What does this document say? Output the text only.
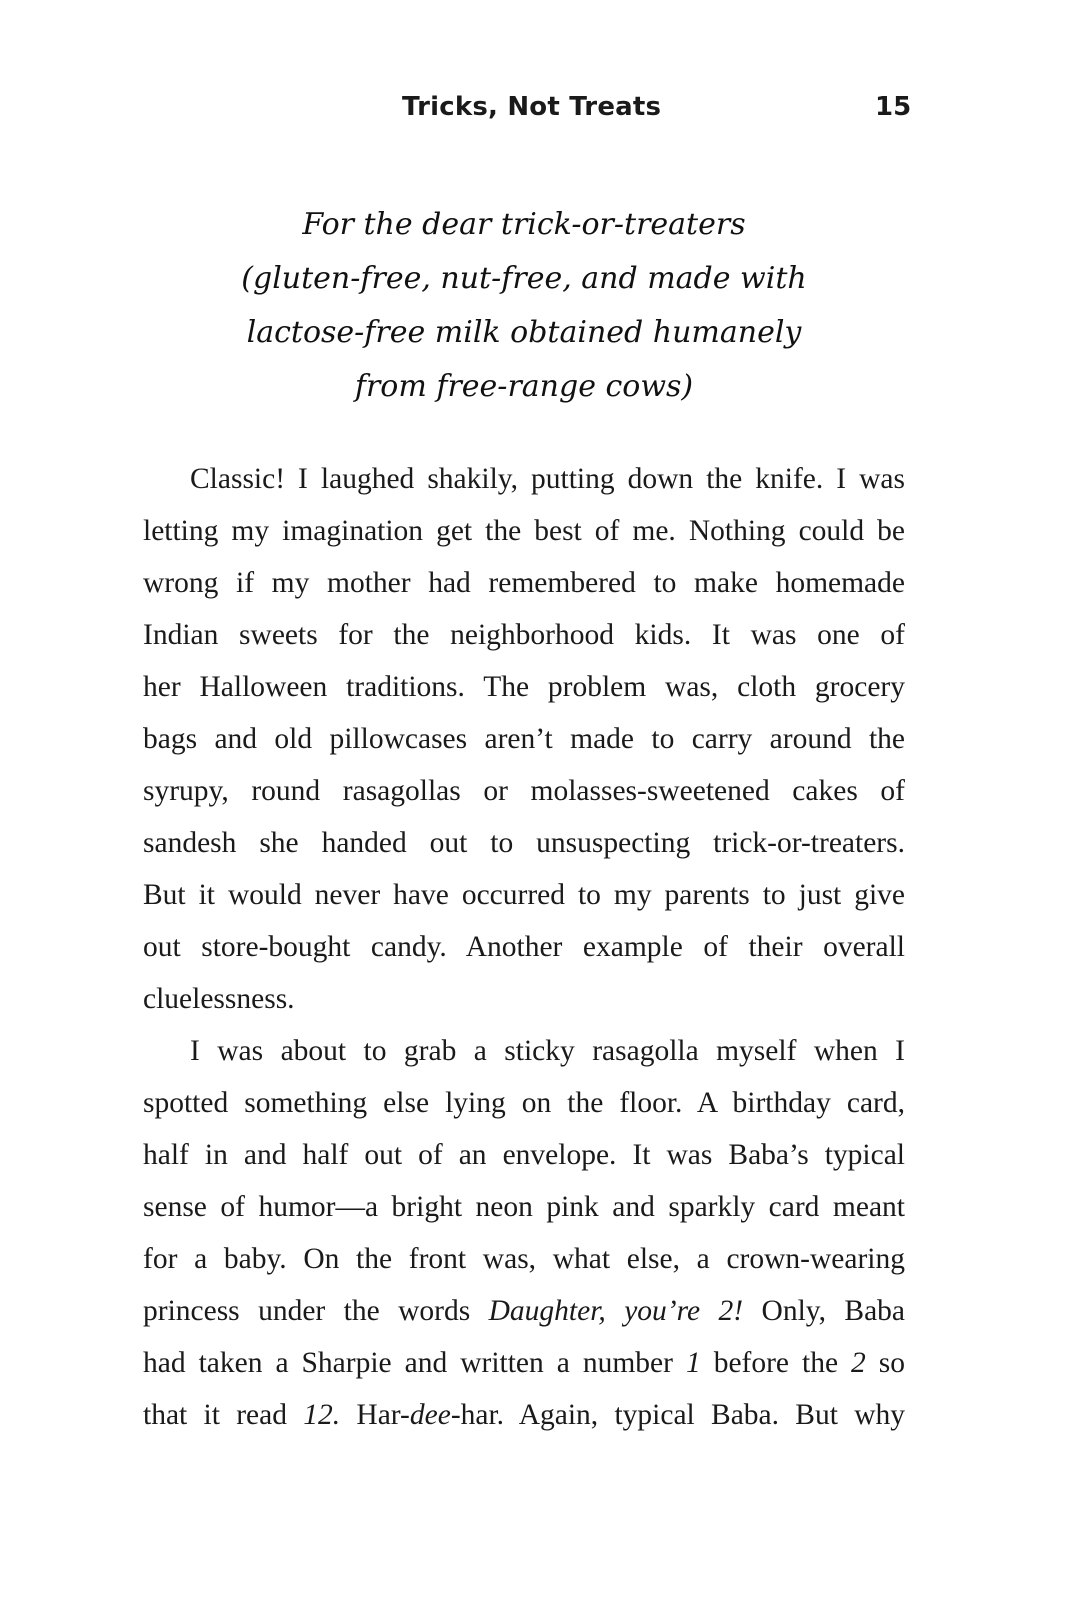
Tricks, Not Treats	15
For the dear trick-or-treaters
(gluten-free, nut-free, and made with
lactose-free milk obtained humanely
from free-range cows)

Classic! I laughed shakily, putting down the knife. I was
letting my imagination get the best of me. Nothing could be
wrong if my mother had remembered to make homemade
Indian sweets for the neighborhood kids. It was one of
her Halloween traditions. The problem was, cloth grocery
bags and old pillowcases aren’t made to carry around the
syrupy, round rasagollas or molasses-sweetened cakes of
sandesh she handed out to unsuspecting trick-or-treaters.
But it would never have occurred to my parents to just give
out store-bought candy. Another example of their overall
cluelessness.

I was about to grab a sticky rasagolla myself when I
spotted something else lying on the floor. A birthday card,
half in and half out of an envelope. It was Baba’s typical
sense of humor—a bright neon pink and sparkly card meant
for a baby. On the front was, what else, a crown-wearing
princess under the words Daughter, you’re 2! Only, Baba
had taken a Sharpie and written a number 1 before the 2 so
that it read 12. Har-dee-har. Again, typical Baba. But why
